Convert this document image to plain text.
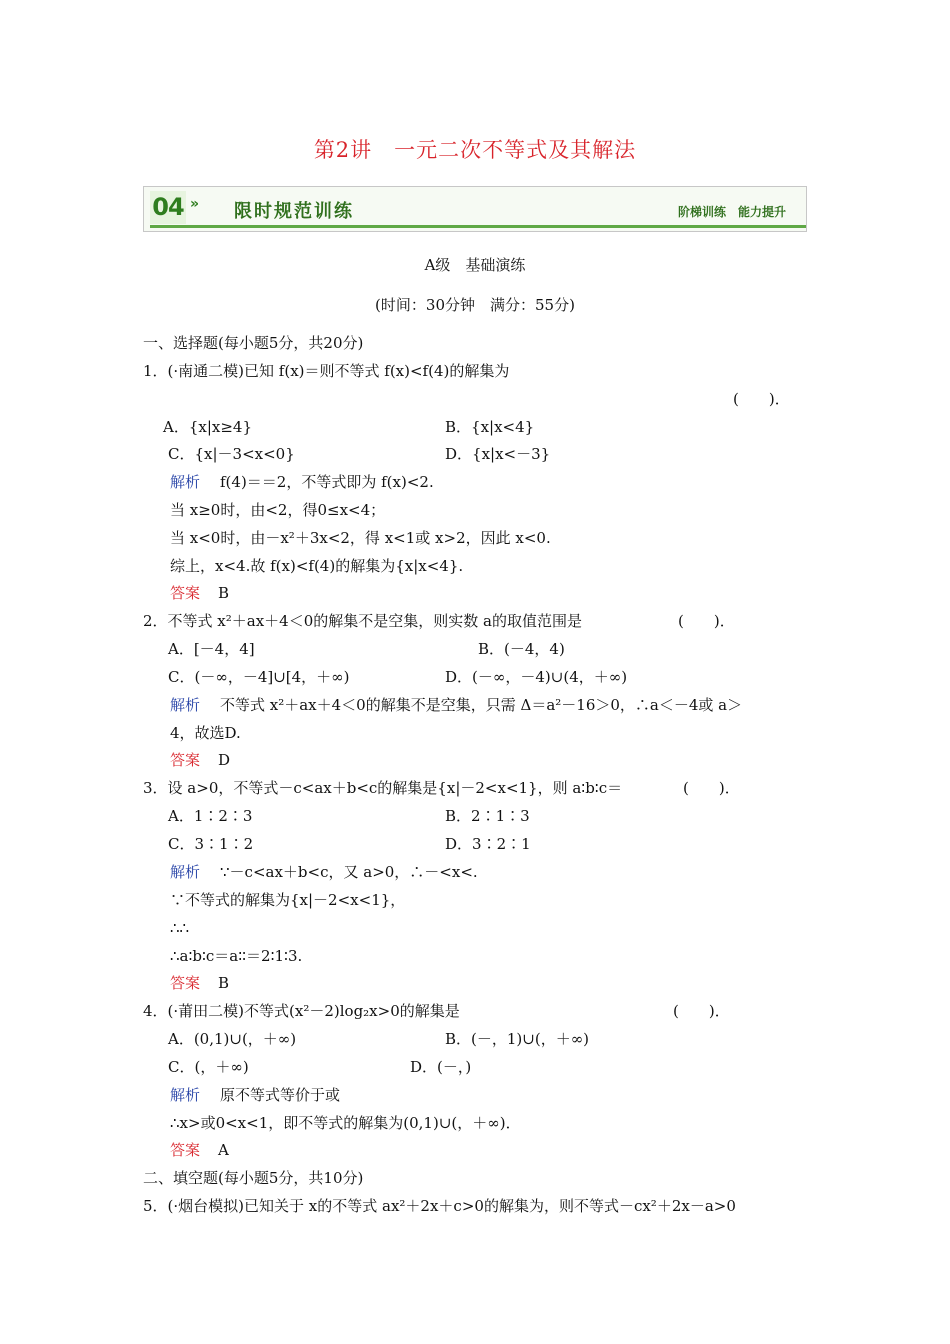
第2讲　一元二次不等式及其解法
04 » 限时规范训练	阶梯训练　能力提升
A级　基础演练
(时间：30分钟　满分：55分)
一、选择题(每小题5分，共20分)
1．(·南通二模)已知 f(x)＝则不等式 f(x)<f(4)的解集为
(　　)．
A．{x|x≥4}	B．{x|x<4}
C．{x|－3<x<0}	D．{x|x<－3}
解析 f(4)＝＝2，不等式即为 f(x)<2.
当 x≥0时，由<2，得0≤x<4；
当 x<0时，由－x²＋3x<2，得 x<1或 x>2，因此 x<0.
综上，x<4.故 f(x)<f(4)的解集为{x|x<4}.
答案 B
2．不等式 x²＋ax＋4＜0的解集不是空集，则实数 a的取值范围是	(　　)．
A．[－4，4]	B．(－4，4)
C．(－∞，－4]∪[4，＋∞)	D．(－∞，－4)∪(4，＋∞)
解析 不等式 x²＋ax＋4＜0的解集不是空集，只需 Δ＝a²－16＞0，∴a＜－4或 a＞
4，故选D.
答案 D
3．设 a>0，不等式－c<ax＋b<c的解集是{x|－2<x<1}，则 a∶b∶c＝	(　　)．
A．1∶2∶3	B．2∶1∶3
C．3∶1∶2	D．3∶2∶1
解析 ∵－c<ax＋b<c，又 a>0，∴－<x<.
∵不等式的解集为{x|－2<x<1}，
∴∴
∴a∶b∶c＝a∶∶＝2∶1∶3.
答案 B
4．(·莆田二模)不等式(x²－2)log₂x>0的解集是	(　　)．
A．(0,1)∪(，＋∞)	B．(－，1)∪(，＋∞)
C．(，＋∞)	D．(－，)
解析 原不等式等价于或
∴x>或0<x<1，即不等式的解集为(0,1)∪(，＋∞)．
答案 A
二、填空题(每小题5分，共10分)
5．(·烟台模拟)已知关于 x的不等式 ax²＋2x＋c>0的解集为，则不等式－cx²＋2x－a>0
